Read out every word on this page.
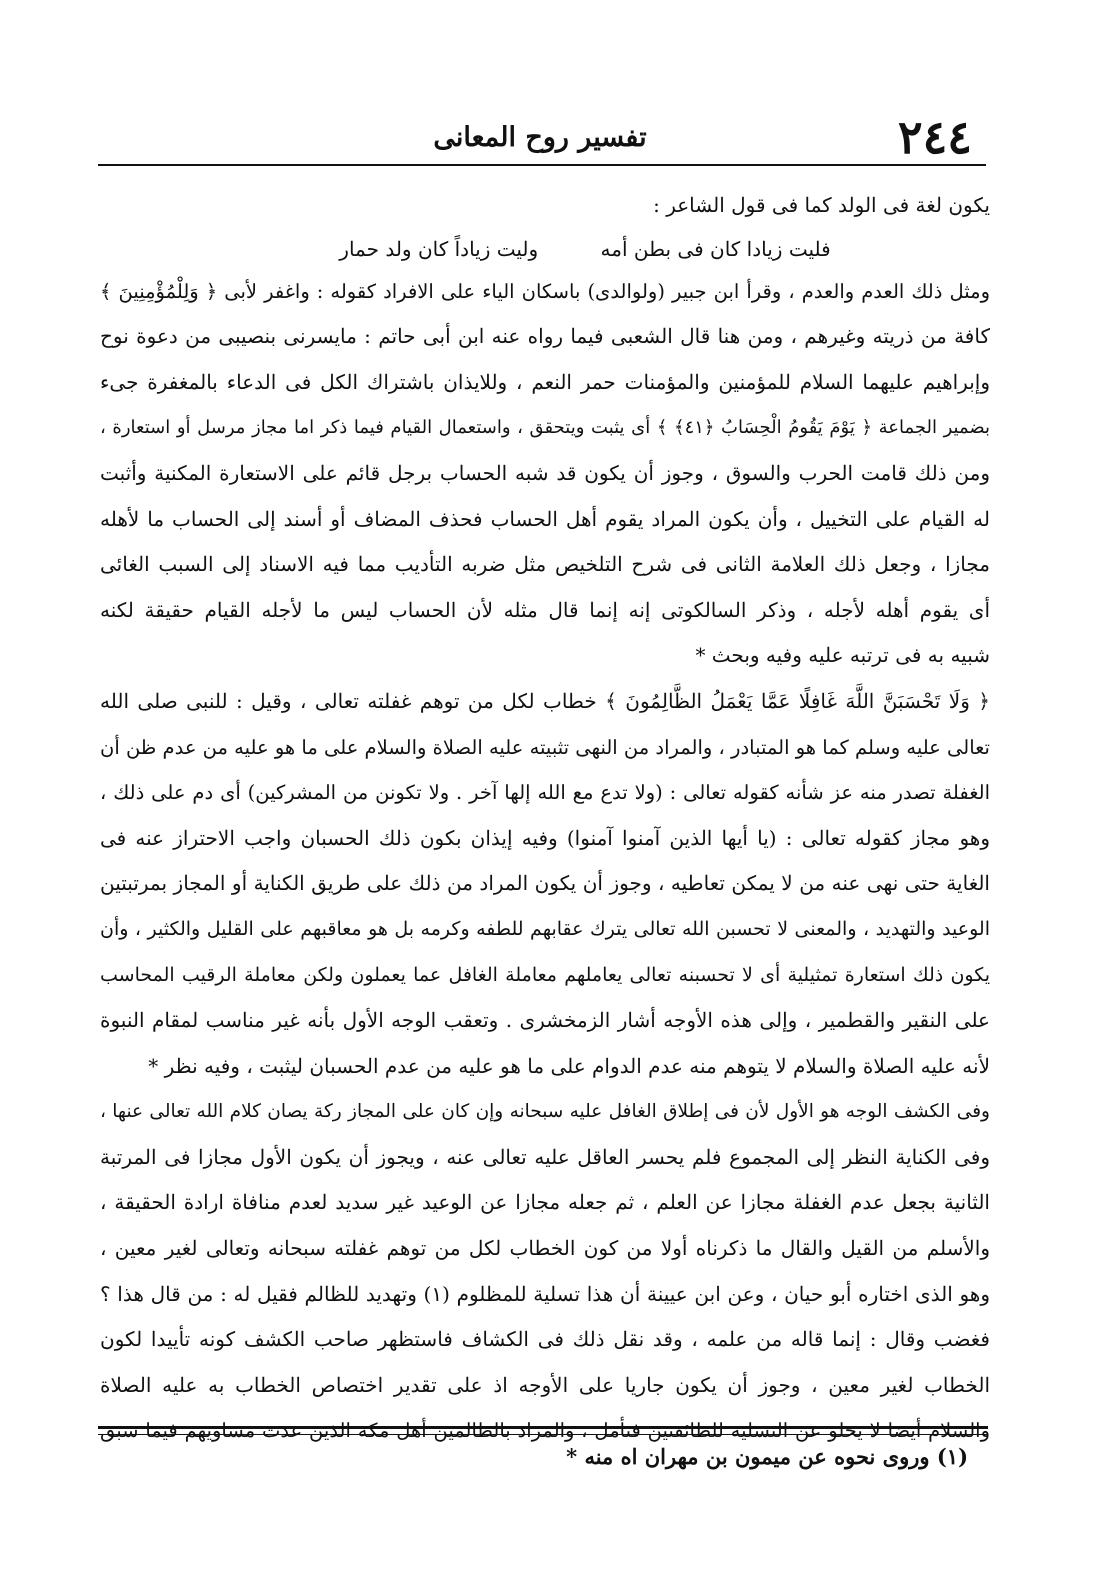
٢٤٤
تفسير روح المعانى
يكون لغة فى الولد كما فى قول الشاعر :
فليت زيادا كان فى بطن أمه وليت زياداً كان ولد حمار
ومثل ذلك العدم والعدم ، وقرأ ابن جبير (ولوالدى) باسكان الياء على الافراد كقوله : واغفر لأبى ﴿ وَلِلْمُؤْمِنِينَ ﴾
كافة من ذريته وغيرهم ، ومن هنا قال الشعبى فيما رواه عنه ابن أبى حاتم : مايسرنى بنصيبى من دعوة نوح
وإبراهيم عليهما السلام للمؤمنين والمؤمنات حمر النعم ، وللايذان باشتراك الكل فى الدعاء بالمغفرة جىء
بضمير الجماعة ﴿ يَوْمَ يَقُومُ الْحِسَابُ ﴿٤١﴾ ﴾ أى يثبت ويتحقق ، واستعمال القيام فيما ذكر اما مجاز مرسل أو استعارة ،
ومن ذلك قامت الحرب والسوق ، وجوز أن يكون قد شبه الحساب برجل قائم على الاستعارة المكنية وأثبت
له القيام على التخييل ، وأن يكون المراد يقوم أهل الحساب فحذف المضاف أو أسند إلى الحساب ما لأهله
مجازا ، وجعل ذلك العلامة الثانى فى شرح التلخيص مثل ضربه التأديب مما فيه الاسناد إلى السبب الغائى
أى يقوم أهله لأجله ، وذكر السالكوتى إنه إنما قال مثله لأن الحساب ليس ما لأجله القيام حقيقة لكنه
شبيه به فى ترتبه عليه وفيه وبحث *
﴿ وَلَا تَحْسَبَنَّ اللَّهَ غَافِلًا عَمَّا يَعْمَلُ الظَّالِمُونَ ﴾ خطاب لكل من توهم غفلته تعالى ، وقيل : للنبى صلى الله
تعالى عليه وسلم كما هو المتبادر ، والمراد من النهى تثبيته عليه الصلاة والسلام على ما هو عليه من عدم ظن أن
الغفلة تصدر منه عز شأنه كقوله تعالى : (ولا تدع مع الله إلها آخر . ولا تكونن من المشركين) أى دم على ذلك ،
وهو مجاز كقوله تعالى : (يا أيها الذين آمنوا آمنوا) وفيه إيذان بكون ذلك الحسبان واجب الاحتراز عنه فى
الغاية حتى نهى عنه من لا يمكن تعاطيه ، وجوز أن يكون المراد من ذلك على طريق الكناية أو المجاز بمرتبتين
الوعيد والتهديد ، والمعنى لا تحسبن الله تعالى يترك عقابهم للطفه وكرمه بل هو معاقبهم على القليل والكثير ، وأن
يكون ذلك استعارة تمثيلية أى لا تحسبنه تعالى يعاملهم معاملة الغافل عما يعملون ولكن معاملة الرقيب المحاسب
على النقير والقطمير ، وإلى هذه الأوجه أشار الزمخشرى . وتعقب الوجه الأول بأنه غير مناسب لمقام النبوة
لأنه عليه الصلاة والسلام لا يتوهم منه عدم الدوام على ما هو عليه من عدم الحسبان ليثبت ، وفيه نظر *
وفى الكشف الوجه هو الأول لأن فى إطلاق الغافل عليه سبحانه وإن كان على المجاز ركة يصان كلام الله تعالى عنها ،
وفى الكناية النظر إلى المجموع فلم يحسر العاقل عليه تعالى عنه ، ويجوز أن يكون الأول مجازا فى المرتبة
الثانية بجعل عدم الغفلة مجازا عن العلم ، ثم جعله مجازا عن الوعيد غير سديد لعدم منافاة ارادة الحقيقة ،
والأسلم من القيل والقال ما ذكرناه أولا من كون الخطاب لكل من توهم غفلته سبحانه وتعالى لغير معين ،
وهو الذى اختاره أبو حيان ، وعن ابن عيينة أن هذا تسلية للمظلوم (١) وتهديد للظالم فقيل له : من قال هذا ؟
فغضب وقال : إنما قاله من علمه ، وقد نقل ذلك فى الكشاف فاستظهر صاحب الكشف كونه تأييدا لكون
الخطاب لغير معين ، وجوز أن يكون جاريا على الأوجه اذ على تقدير اختصاص الخطاب به عليه الصلاة
والسلام أيضا لا يخلو عن التسلية للطائفتين فتأمل ، والمراد بالظالمين أهل مكة الذين عدت مساويهم فيما سبق
(١) وروى نحوه عن ميمون بن مهران اه منه *
